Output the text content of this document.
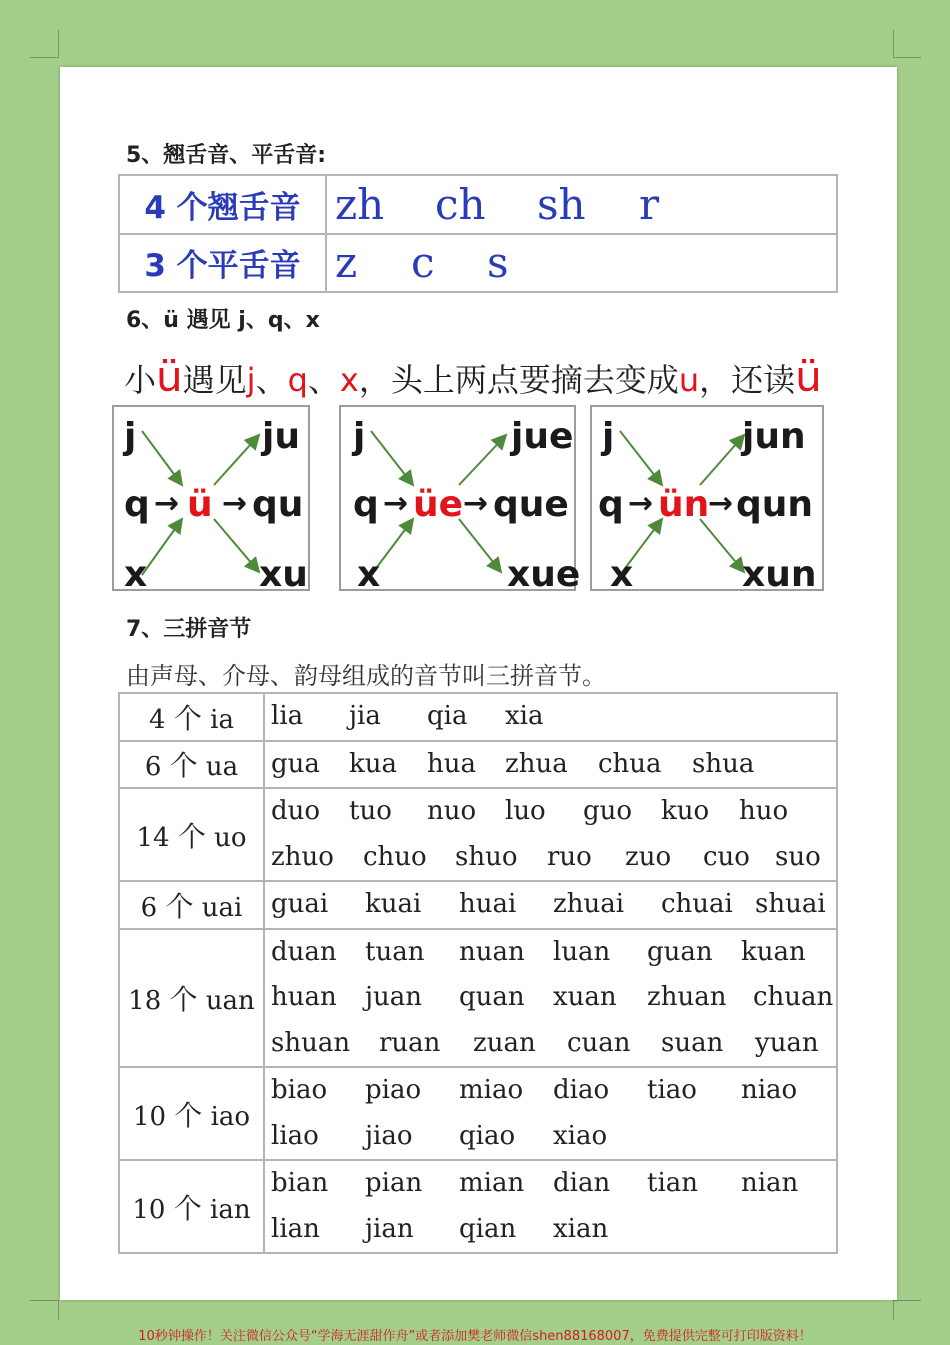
5、翘舌音、平舌音:
4 个翘舌音	zh ch sh r
3 个平舌音	z c s
6、ü 遇见 j、q、x
小ü遇见j、q、x，头上两点要摘去变成u，还读ü
j
q
x
→ ü →
ju
qu
xu
j
q
x
→ üe →
jue
que
xue
j
q
x
→ ün
→
jun
qun
xun
7、三拼音节
由声母、介母、韵母组成的音节叫三拼音节。
4 个 ia	lia jia qia xia

6 个 ua	gua kua hua zhua chua shua

14 个 uo	duo tuo nuo luo guo kuo huo
zhuo chuo shuo ruo zuo cuo suo

6 个 uai	guai kuai huai zhuai chuai shuai

18 个 uan	duan tuan nuan luan guan kuan
huan juan quan xuan zhuan chuan
shuan ruan zuan cuan suan yuan

10 个 iao	biao piao miao diao tiao niao
liao jiao qiao xiao

10 个 ian	bian pian mian dian tian nian
lian jian qian xian
10秒钟操作！关注微信公众号“学海无涯甜作舟”或者添加樊老师微信shen88168007，免费提供完整可打印版资料！
